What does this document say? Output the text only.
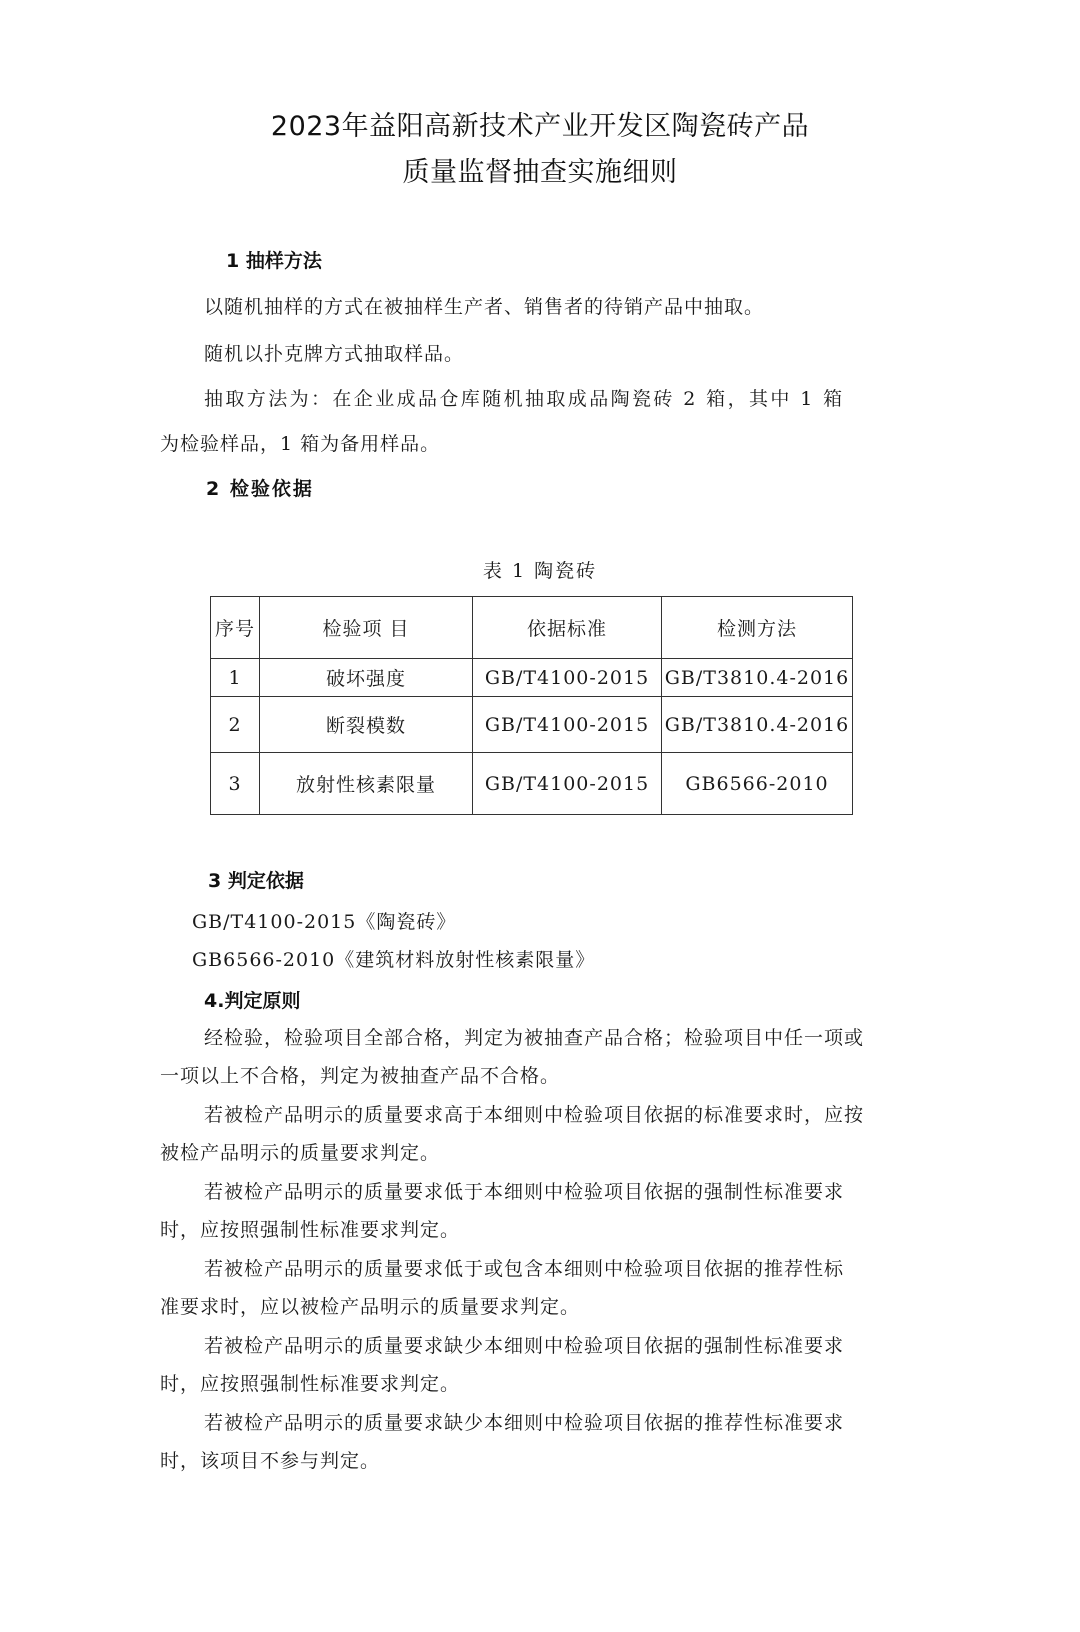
2023年益阳高新技术产业开发区陶瓷砖产品
质量监督抽查实施细则
1 抽样方法
以随机抽样的方式在被抽样生产者、销售者的待销产品中抽取。
随机以扑克牌方式抽取样品。
抽取方法为：在企业成品仓库随机抽取成品陶瓷砖 2 箱，其中 1 箱
为检验样品，1 箱为备用样品。
2 检验依据
表 1 陶瓷砖
序号	检验项 目	依据标准	检测方法
1	破坏强度	GB/T4100-2015	GB/T3810.4-2016
2	断裂模数	GB/T4100-2015	GB/T3810.4-2016
3	放射性核素限量	GB/T4100-2015	GB6566-2010
3 判定依据
GB/T4100-2015《陶瓷砖》
GB6566-2010《建筑材料放射性核素限量》
4.判定原则
经检验，检验项目全部合格，判定为被抽查产品合格；检验项目中任一项或
一项以上不合格，判定为被抽查产品不合格。
若被检产品明示的质量要求高于本细则中检验项目依据的标准要求时，应按
被检产品明示的质量要求判定。
若被检产品明示的质量要求低于本细则中检验项目依据的强制性标准要求
时，应按照强制性标准要求判定。
若被检产品明示的质量要求低于或包含本细则中检验项目依据的推荐性标
准要求时，应以被检产品明示的质量要求判定。
若被检产品明示的质量要求缺少本细则中检验项目依据的强制性标准要求
时，应按照强制性标准要求判定。
若被检产品明示的质量要求缺少本细则中检验项目依据的推荐性标准要求
时，该项目不参与判定。
